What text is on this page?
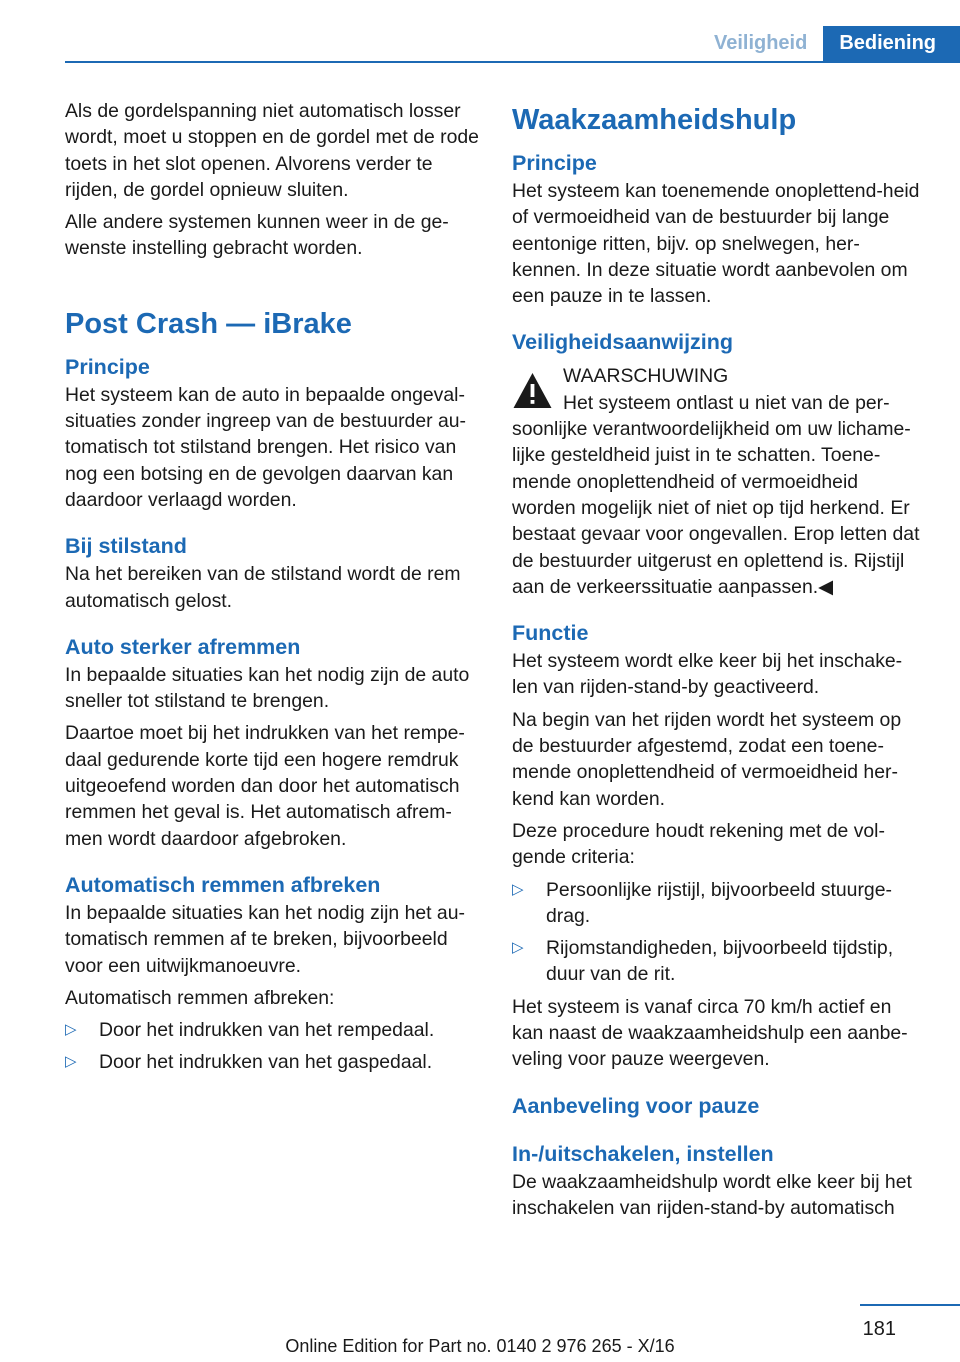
Veiligheid	Bediening

Als de gordelspanning niet automatisch losser wordt, moet u stoppen en de gordel met de rode toets in het slot openen. Alvorens verder te rijden, de gordel opnieuw sluiten.

Alle andere systemen kunnen weer in de ge-wenste instelling gebracht worden.

Post Crash — iBrake
Principe

Het systeem kan de auto in bepaalde ongeval-situaties zonder ingreep van de bestuurder au-tomatisch tot stilstand brengen. Het risico van nog een botsing en de gevolgen daarvan kan daardoor verlaagd worden.

Bij stilstand

Na het bereiken van de stilstand wordt de rem automatisch gelost.

Auto sterker afremmen

In bepaalde situaties kan het nodig zijn de auto sneller tot stilstand te brengen.

Daartoe moet bij het indrukken van het rempe-daal gedurende korte tijd een hogere remdruk uitgeoefend worden dan door het automatisch remmen het geval is. Het automatisch afrem-men wordt daardoor afgebroken.

Automatisch remmen afbreken

In bepaalde situaties kan het nodig zijn het au-tomatisch remmen af te breken, bijvoorbeeld voor een uitwijkmanoeuvre.

Automatisch remmen afbreken:

▷ Door het indrukken van het rempedaal.
▷ Door het indrukken van het gaspedaal.
Waakzaamheidshulp
Principe

Het systeem kan toenemende onoplettend-heid of vermoeidheid van de bestuurder bij lange eentonige ritten, bijv. op snelwegen, her-kennen. In deze situatie wordt aanbevolen om een pauze in te lassen.

Veiligheidsaanwijzing
WAARSCHUWING
Het systeem ontlast u niet van de per-
soonlijke verantwoordelijkheid om uw lichame-lijke gesteldheid juist in te schatten. Toene-mende onoplettendheid of vermoeidheid worden mogelijk niet of niet op tijd herkend. Er bestaat gevaar voor ongevallen. Erop letten dat de bestuurder uitgerust en oplettend is. Rijstijl aan de verkeerssituatie aanpassen.◀
Functie

Het systeem wordt elke keer bij het inschake-len van rijden-stand-by geactiveerd.

Na begin van het rijden wordt het systeem op de bestuurder afgestemd, zodat een toene-mende onoplettendheid of vermoeidheid her-kend kan worden.

Deze procedure houdt rekening met de vol-gende criteria:

▷ Persoonlijke rijstijl, bijvoorbeeld stuurge-drag.
▷ Rijomstandigheden, bijvoorbeeld tijdstip, duur van de rit.

Het systeem is vanaf circa 70 km/h actief en kan naast de waakzaamheidshulp een aanbe-veling voor pauze weergeven.

Aanbeveling voor pauze
In-/uitschakelen, instellen

De waakzaamheidshulp wordt elke keer bij het inschakelen van rijden-stand-by automatisch

181
Online Edition for Part no. 0140 2 976 265 - X/16
